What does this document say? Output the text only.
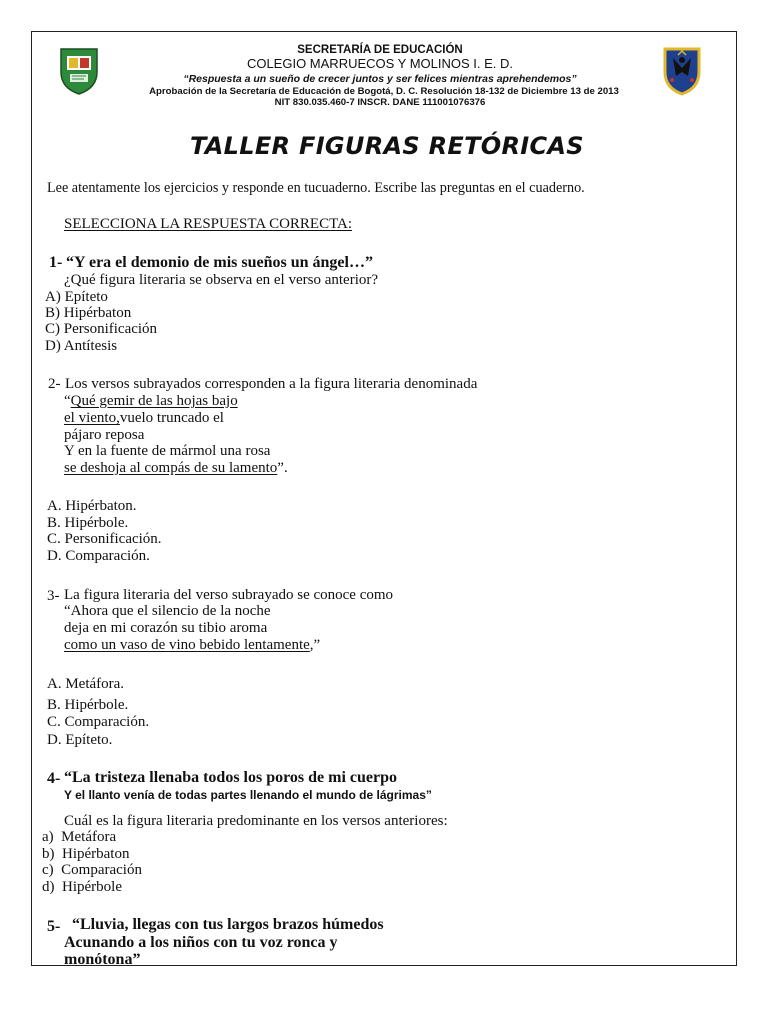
SECRETARÍA DE EDUCACIÓN
COLEGIO MARRUECOS Y MOLINOS I. E. D.
“Respuesta a un sueño de crecer juntos y ser felices mientras aprehendemos”
Aprobación de la Secretaría de Educación de Bogotá, D. C. Resolución 18-132 de Diciembre 13 de 2013
NIT 830.035.460-7 INSCR. DANE 111001076376
TALLER FIGURAS RETÓRICAS
Lee atentamente los ejercicios y responde en tucuaderno. Escribe las preguntas en el cuaderno.
SELECCIONA LA RESPUESTA CORRECTA:
1- “Y era el demonio de mis sueños un ángel…”
¿Qué figura literaria se observa en el verso anterior?
A) Epíteto
B) Hipérbaton
C) Personificación
D) Antítesis
2- Los versos subrayados corresponden a la figura literaria denominada
“Qué gemir de las hojas bajo
el viento,vuelo truncado el
pájaro reposa
Y en la fuente de mármol una rosa
se deshoja al compás de su lamento”.
A. Hipérbaton.
B. Hipérbole.
C. Personificación.
D. Comparación.
3- La figura literaria del verso subrayado se conoce como
“Ahora que el silencio de la noche
deja en mi corazón su tibio aroma
como un vaso de vino bebido lentamente,”
A. Metáfora.
B. Hipérbole.
C. Comparación.
D. Epíteto.
4- “La tristeza llenaba todos los poros de mi cuerpo
Y el llanto venía de todas partes llenando el mundo de lágrimas”
Cuál es la figura literaria predominante en los versos anteriores:
a)  Metáfora
b)  Hipérbaton
c)  Comparación
d)  Hipérbole
5- “Lluvia, llegas con tus largos brazos húmedos
Acunando a los niños con tu voz ronca y
monótona”
